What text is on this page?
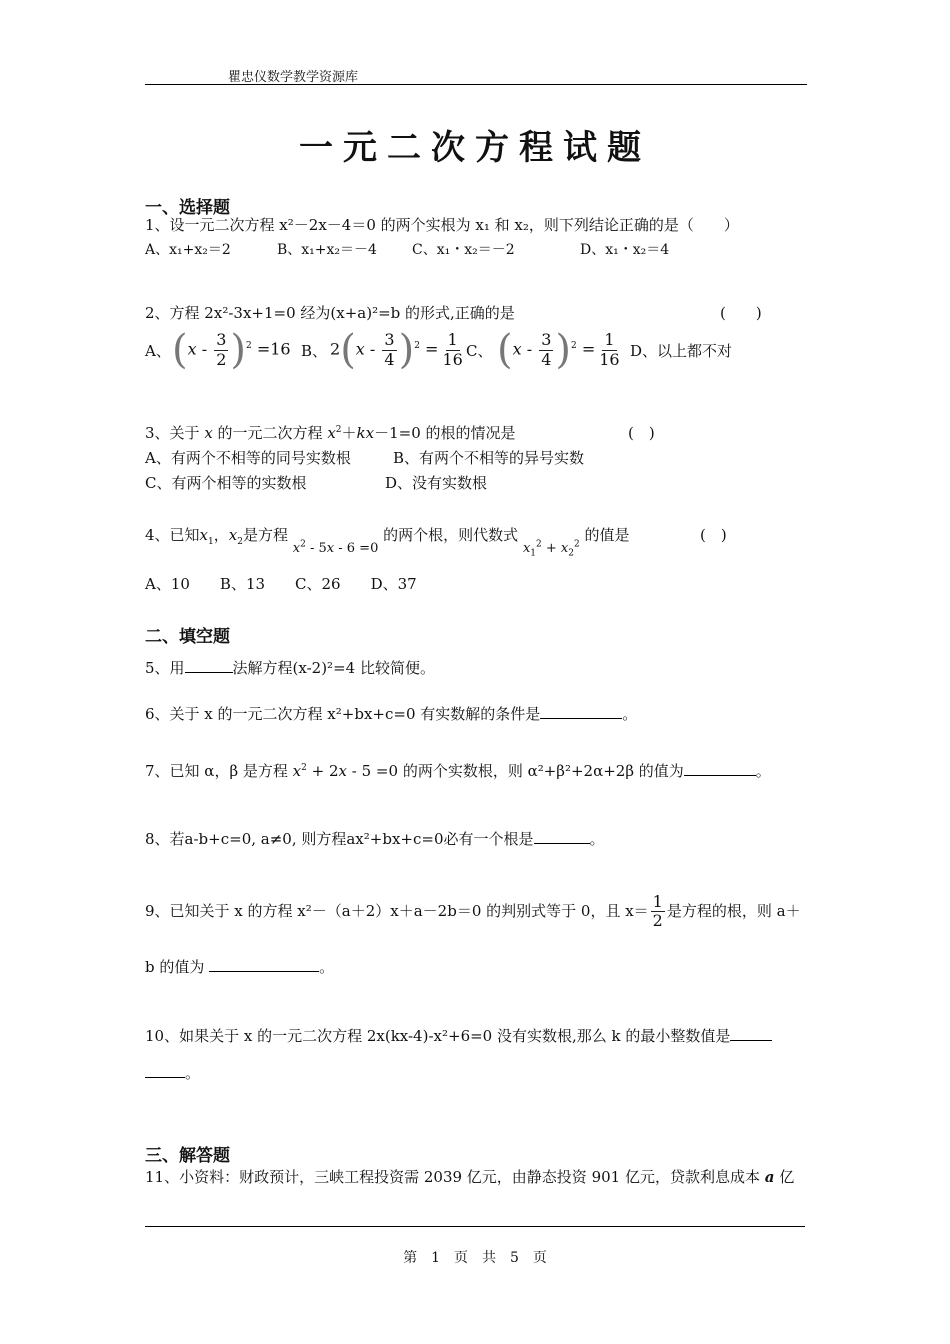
瞿忠仪数学教学资源库
一元二次方程试题
一、选择题
1、设一元二次方程 x²－2x－4＝0 的两个实根为 x₁ 和 x₂，则下列结论正确的是（　　）
A、x₁+x₂＝2	B、x₁+x₂＝－4	C、x₁・x₂＝－2	D、x₁・x₂＝4
2、方程 2x²-3x+1=0 经为(x+a)²=b 的形式,正确的是	(　　)
A、 $(x - \frac{3}{2} )^2 =16$ B、 $2(x - \frac{3}{4} )^2 = \frac{1}{16}$ C、 $(x - \frac{3}{4} )^2 = \frac{1}{16}$ D、以上都不对
3、关于 x 的一元二次方程 $x^2+kx-1=0$ 的根的情况是	(　)
A、有两个不相等的同号实数根	B、有两个不相等的异号实数
C、有两个相等的实数根	D、没有实数根
4、已知$x_1$，$x_2$是方程 $x^2 - 5x - 6 =0$ 的两个根，则代数式 $x_1^2 + x_2^2$ 的值是	(　)
A、10　　B、13　　C、26　　D、37
二、填空题
5、用	法解方程(x-2)²=4 比较简便。
6、关于 x 的一元二次方程 x²+bx+c=0 有实数解的条件是	。
7、已知 α，β 是方程 $x^2 + 2x - 5 =0$ 的两个实数根，则 α²+β²+2α+2β 的值为	。
8、若a-b+c=0, a≠0, 则方程ax²+bx+c=0必有一个根是	。
9、已知关于 x 的方程 x²－（a＋2）x＋a－2b＝0 的判别式等于 0，且 $x= \frac{1}{2}$ 是方程的根，则 a＋
b 的值为	。
10、如果关于 x 的一元二次方程 2x(kx-4)-x²+6=0 没有实数根,那么 k 的最小整数值是
。
三、解答题
11、小资料：财政预计，三峡工程投资需 2039 亿元，由静态投资 901 亿元，贷款利息成本 a 亿
第　1　页　共　5　页
